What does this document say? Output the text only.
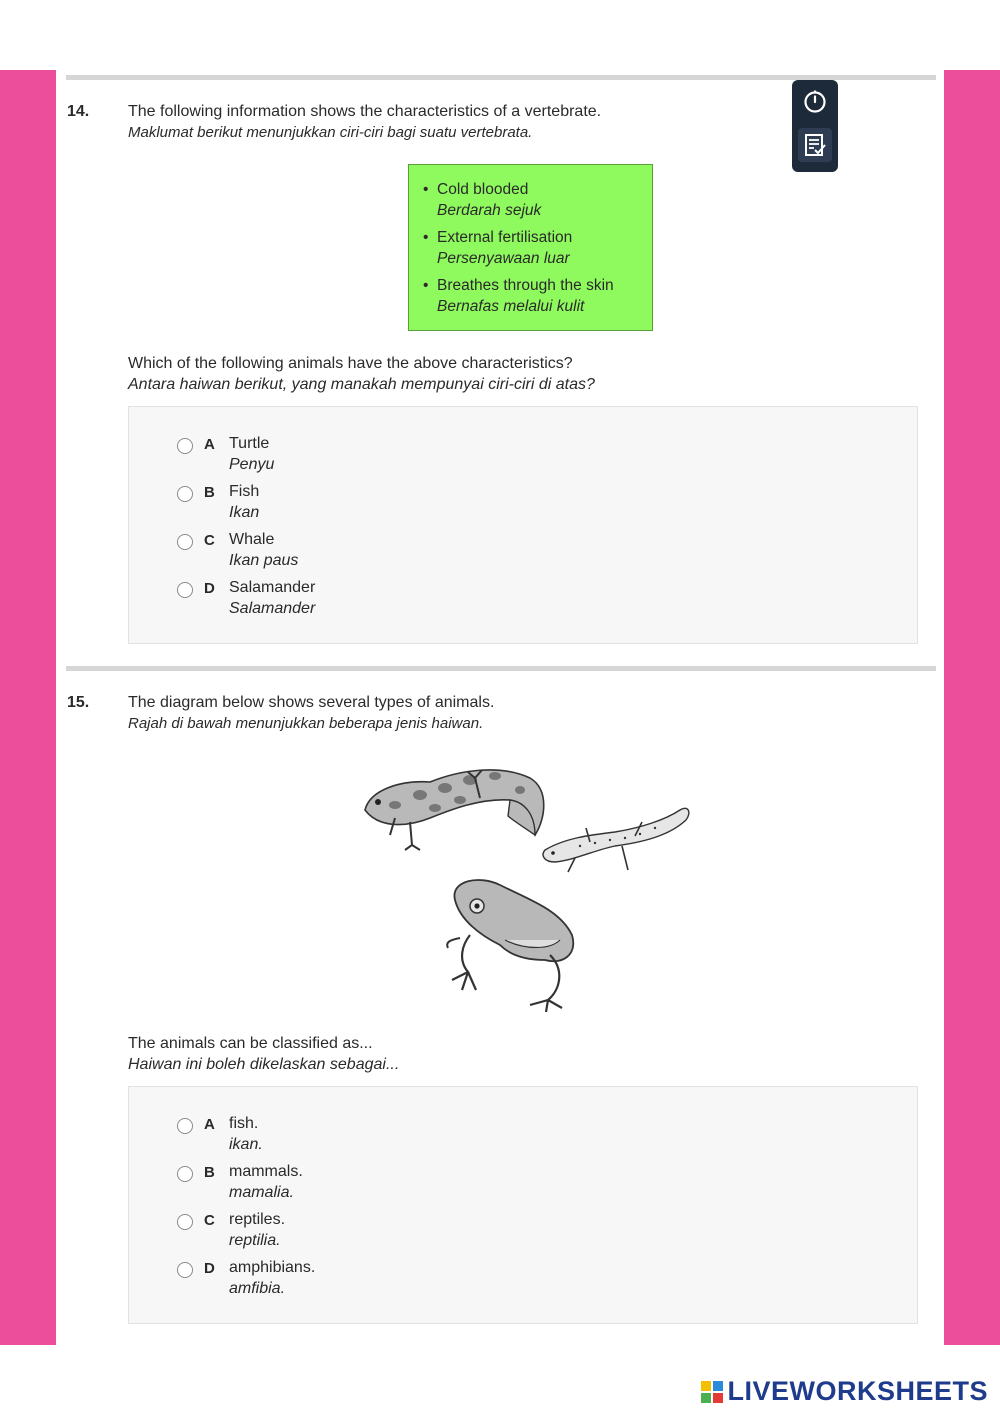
14. The following information shows the characteristics of a vertebrate.
Maklumat berikut menunjukkan ciri-ciri bagi suatu vertebrata.
• Cold blooded
Berdarah sejuk
• External fertilisation
Persenyawaan luar
• Breathes through the skin
Bernafas melalui kulit
Which of the following animals have the above characteristics?
Antara haiwan berikut, yang manakah mempunyai ciri-ciri di atas?
A Turtle
Penyu
B Fish
Ikan
C Whale
Ikan paus
D Salamander
Salamander
15. The diagram below shows several types of animals.
Rajah di bawah menunjukkan beberapa jenis haiwan.
The animals can be classified as...
Haiwan ini boleh dikelaskan sebagai...
A fish.
ikan.
B mammals.
mamalia.
C reptiles.
reptilia.
D amphibians.
amfibia.
LIVEWORKSHEETS
